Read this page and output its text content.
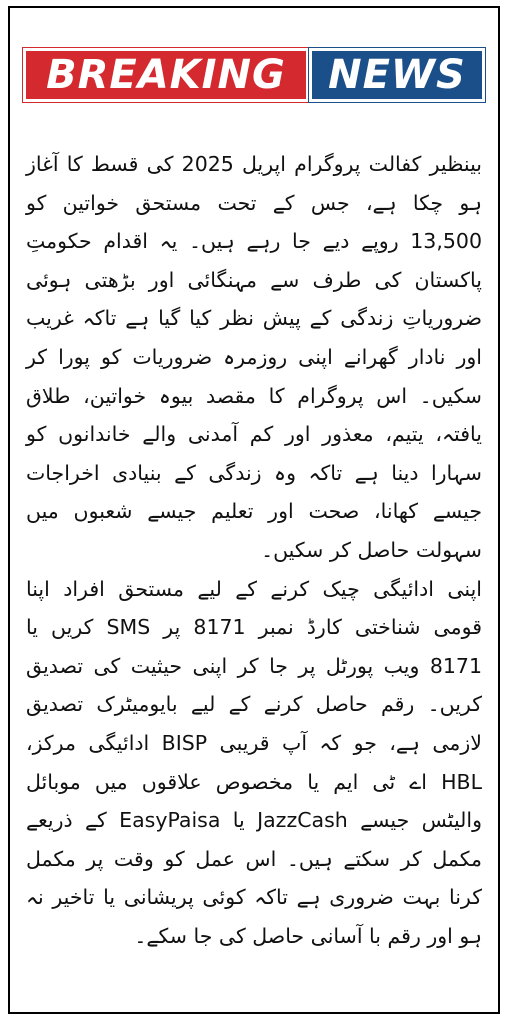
BREAKING NEWS

بینظیر کفالت پروگرام اپریل 2025 کی قسط کا آغاز ہو چکا ہے، جس کے تحت مستحق خواتین کو 13,500 روپے دیے جا رہے ہیں۔ یہ اقدام حکومتِ پاکستان کی طرف سے مہنگائی اور بڑھتی ہوئی ضروریاتِ زندگی کے پیش نظر کیا گیا ہے تاکہ غریب اور نادار گھرانے اپنی روزمرہ ضروریات کو پورا کر سکیں۔ اس پروگرام کا مقصد بیوہ خواتین، طلاق یافتہ، یتیم، معذور اور کم آمدنی والے خاندانوں کو سہارا دینا ہے تاکہ وہ زندگی کے بنیادی اخراجات جیسے کھانا، صحت اور تعلیم جیسے شعبوں میں سہولت حاصل کر سکیں۔

اپنی ادائیگی چیک کرنے کے لیے مستحق افراد اپنا قومی شناختی کارڈ نمبر 8171 پر SMS کریں یا 8171 ویب پورٹل پر جا کر اپنی حیثیت کی تصدیق کریں۔ رقم حاصل کرنے کے لیے بایومیٹرک تصدیق لازمی ہے، جو کہ آپ قریبی BISP ادائیگی مرکز، HBL اے ٹی ایم یا مخصوص علاقوں میں موبائل والیٹس جیسے JazzCash یا EasyPaisa کے ذریعے مکمل کر سکتے ہیں۔ اس عمل کو وقت پر مکمل کرنا بہت ضروری ہے تاکہ کوئی پریشانی یا تاخیر نہ ہو اور رقم با آسانی حاصل کی جا سکے۔
